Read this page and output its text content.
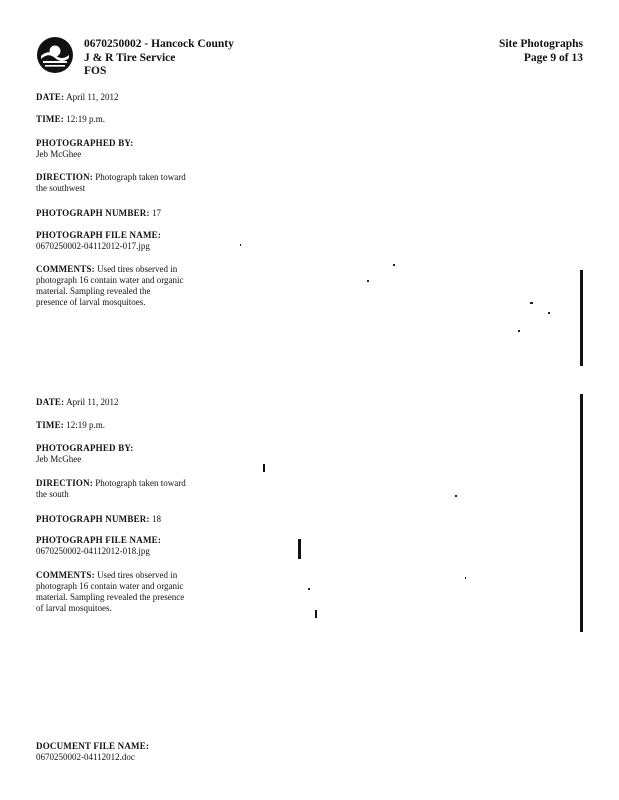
0670250002 - Hancock County
J & R Tire Service
FOS
Site Photographs
Page 9 of 13
DATE: April 11, 2012
TIME: 12:19 p.m.
PHOTOGRAPHED BY:
Jeb McGhee
DIRECTION: Photograph taken toward the southwest
PHOTOGRAPH NUMBER: 17
PHOTOGRAPH FILE NAME:
0670250002-04112012-017.jpg
COMMENTS: Used tires observed in photograph 16 contain water and organic material. Sampling revealed the presence of larval mosquitoes.
DATE: April 11, 2012
TIME: 12:19 p.m.
PHOTOGRAPHED BY:
Jeb McGhee
DIRECTION: Photograph taken toward the south
PHOTOGRAPH NUMBER: 18
PHOTOGRAPH FILE NAME:
0670250002-04112012-018.jpg
COMMENTS: Used tires observed in photograph 16 contain water and organic material. Sampling revealed the presence of larval mosquitoes.
DOCUMENT FILE NAME:
0670250002-04112012.doc
